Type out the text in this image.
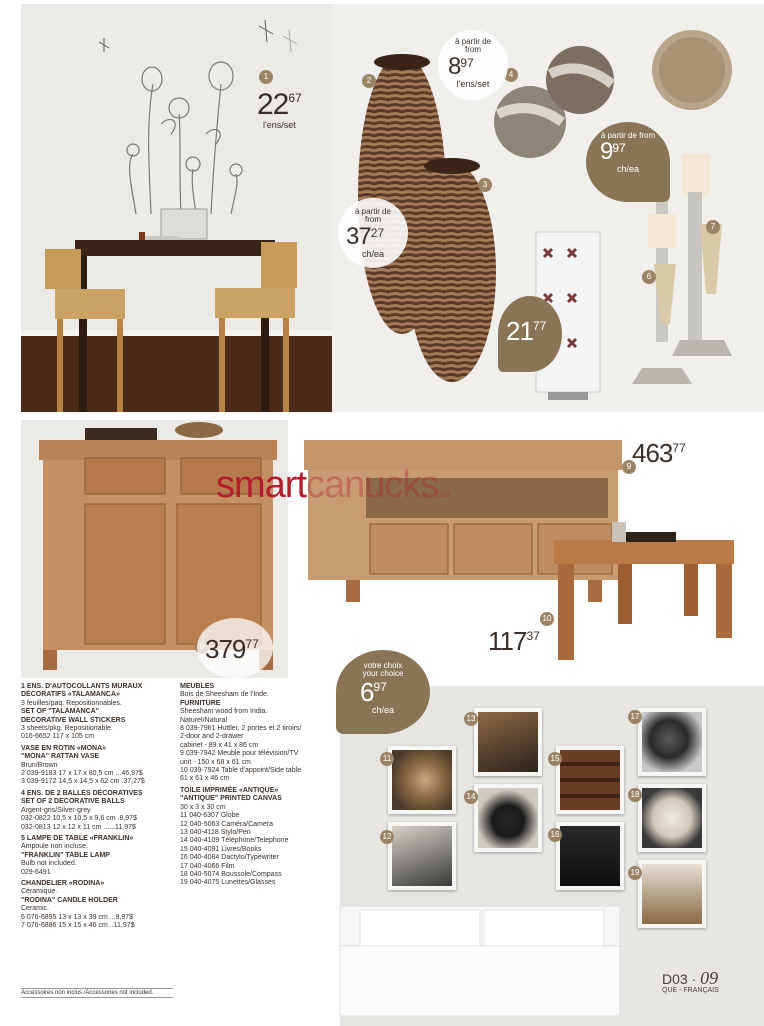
1
$22^{67}$
l'ens/set
2
3
4
6
7
à partir de from
$37^{27}$
ch/ea
à partir de from
$8^{97}$
l'ens/set
$21^{77}$
à partir de from
$9^{97}$
ch/ea
$379^{77}$
9 $463^{77}$
10
$117^{37}$
smartcanucks.ca
1 ENS. D'AUTOCOLLANTS MURAUX
DÉCORATIFS «TALAMANCA»
3 feuilles/paq. Repositionnables.
SET OF "TALAMANCA"
DECORATIVE WALL STICKERS
3 sheets/pkg. Repositionable.
016-6652 117 x 105 cm
VASE EN ROTIN «MONA»
"MONA" RATTAN VASE
Brun/Brown
2 039-9183 17 x 17 x 80,5 cm ...46,97$
3 039-9172 14,5 x 14,5 x 62 cm .37,27$
4 ENS. DE 2 BALLES DÉCORATIVES
SET OF 2 DECORATIVE BALLS
Argent-gris/Silver-grey
032-0822 10,5 x 10,5 x 9,6 cm .8,97$
032-0813 12 x 12 x 11 cm ......11,97$
5 LAMPE DE TABLE «FRANKLIN»
Ampoule non incluse.
"FRANKLIN" TABLE LAMP
Bulb not included.
029-6491
CHANDELIER «RODINA»
Céramique.
"RODINA" CANDLE HOLDER
Ceramic.
6 076-6895 13 x 13 x 39 cm ...9,97$
7 076-6886 15 x 15 x 46 cm ..11,97$
MEUBLES
Bois de Sheesham de l'Inde.
FURNITURE
Sheesham wood from India.
Naturel/Natural
8 039-7961 Huttler, 2 portes et 2 tiroirs/
2-door and 2-drawer
cabinet - 89 x 41 x 86 cm
9 039-7942 Meuble pour télévision/TV
unit - 150 x 68 x 61 cm
10 039-7924 Table d'appoint/Side table
61 x 61 x 46 cm
TOILE IMPRIMÉE «ANTIQUE»
"ANTIQUE" PRINTED CANVAS
30 x 3 x 30 cm
11 040-6307 Globe
12 040-5063 Caméra/Camera
13 040-4118 Stylo/Pen
14 040-4109 Téléphone/Telephone
15 040-4091 Livres/Books
16 040-4084 Dactylo/Typewriter
17 040-4066 Film
18 040-5074 Boussole/Compass
19 040-4075 Lunettes/Glasses
Accessoires non inclus./Accessories not included.
11
12
13
14
15
16
17
18
19
votre choix
your choice
$6^{97}$
ch/ea
D03 · 09
QUE - FRANÇAIS
